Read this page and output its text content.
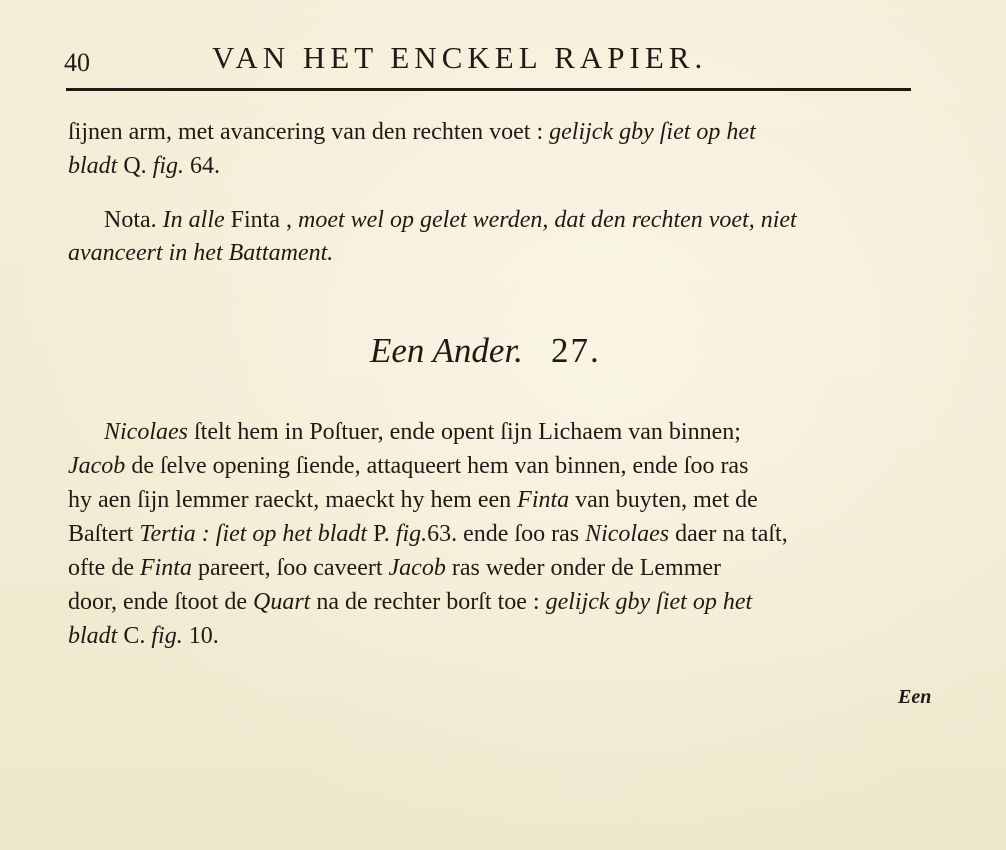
40	VAN HET ENCKEL RAPIER.
ſijnen arm, met avancering van den rechten voet : gelijck gby ſiet op het
bladt Q. fig. 64.
Nota. In alle Finta , moet wel op gelet werden, dat den rechten voet, niet
avanceert in het Battament.
Een Ander. 27.
Nicolaes ſtelt hem in Poſtuer, ende opent ſijn Lichaem van binnen;
Jacob de ſelve opening ſiende, attaqueert hem van binnen, ende ſoo ras
hy aen ſijn lemmer raeckt, maeckt hy hem een Finta van buyten, met de
Baſtert Tertia : ſiet op het bladt P. fig.63. ende ſoo ras Nicolaes daer na taſt,
ofte de Finta pareert, ſoo caveert Jacob ras weder onder de Lemmer
door, ende ſtoot de Quart na de rechter borſt toe : gelijck gby ſiet op het
bladt C. fig. 10.
Een
